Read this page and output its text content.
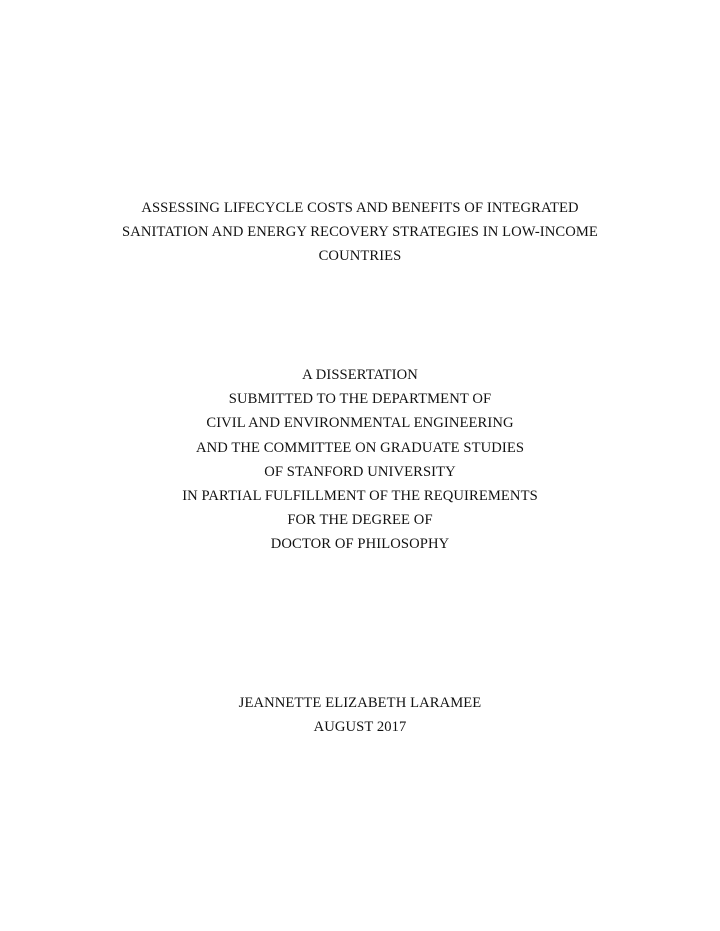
ASSESSING LIFECYCLE COSTS AND BENEFITS OF INTEGRATED
SANITATION AND ENERGY RECOVERY STRATEGIES IN LOW-INCOME
COUNTRIES
A DISSERTATION
SUBMITTED TO THE DEPARTMENT OF
CIVIL AND ENVIRONMENTAL ENGINEERING
AND THE COMMITTEE ON GRADUATE STUDIES
OF STANFORD UNIVERSITY
IN PARTIAL FULFILLMENT OF THE REQUIREMENTS
FOR THE DEGREE OF
DOCTOR OF PHILOSOPHY
JEANNETTE ELIZABETH LARAMEE
AUGUST 2017
